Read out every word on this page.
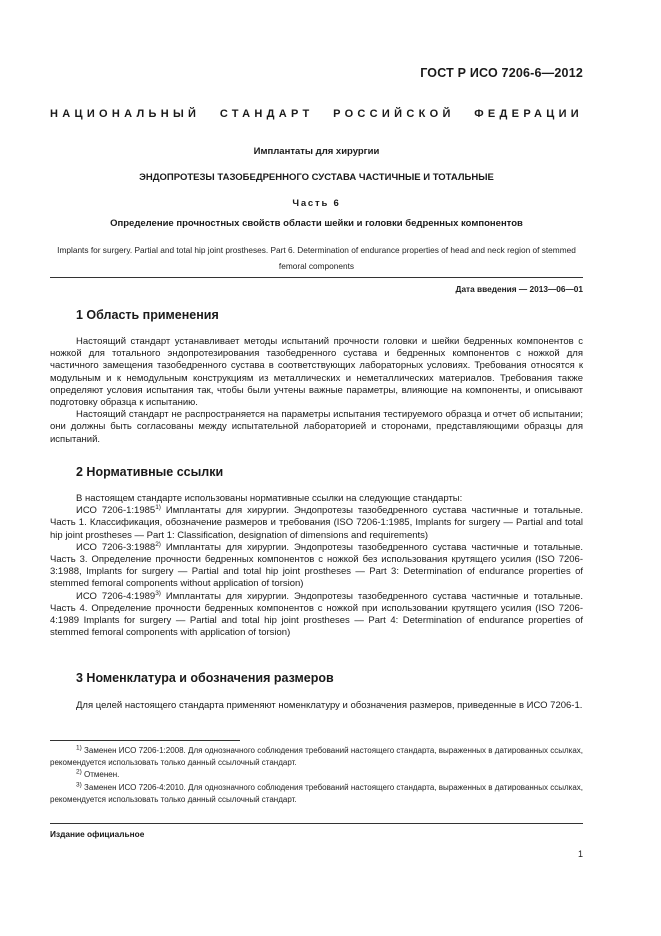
ГОСТ Р ИСО 7206-6—2012
НАЦИОНАЛЬНЫЙ СТАНДАРТ РОССИЙСКОЙ ФЕДЕРАЦИИ
Имплантаты для хирургии
ЭНДОПРОТЕЗЫ ТАЗОБЕДРЕННОГО СУСТАВА ЧАСТИЧНЫЕ И ТОТАЛЬНЫЕ
Часть 6
Определение прочностных свойств области шейки и головки бедренных компонентов
Implants for surgery. Partial and total hip joint prostheses. Part 6. Determination of endurance properties of head and neck region of stemmed femoral components
Дата введения — 2013—06—01
1 Область применения

Настоящий стандарт устанавливает методы испытаний прочности головки и шейки бедренных компонентов с ножкой для тотального эндопротезирования тазобедренного сустава и бедренных компонентов с ножкой для частичного замещения тазобедренного сустава в соответствующих лабораторных условиях. Требования относятся к модульным и к немодульным конструкциям из металлических и неметаллических материалов. Требования также определяют условия испытания так, чтобы были учтены важные параметры, влияющие на компоненты, и описывают подготовку образца к испытанию.

Настоящий стандарт не распространяется на параметры испытания тестируемого образца и отчет об испытании; они должны быть согласованы между испытательной лабораторией и сторонами, представляющими образцы для испытаний.

2 Нормативные ссылки

В настоящем стандарте использованы нормативные ссылки на следующие стандарты:

ИСО 7206-1:1985$^{1)}$ Имплантаты для хирургии. Эндопротезы тазобедренного сустава частичные и тотальные. Часть 1. Классификация, обозначение размеров и требования (ISO 7206-1:1985, Implants for surgery — Partial and total hip joint prostheses — Part 1: Classification, designation of dimensions and requirements)

ИСО 7206-3:1988$^{2)}$ Имплантаты для хирургии. Эндопротезы тазобедренного сустава частичные и тотальные. Часть 3. Определение прочности бедренных компонентов с ножкой без использования крутящего усилия (ISO 7206-3:1988, Implants for surgery — Partial and total hip joint prostheses — Part 3: Determination of endurance properties of stemmed femoral components without application of torsion)

ИСО 7206-4:1989$^{3)}$ Имплантаты для хирургии. Эндопротезы тазобедренного сустава частичные и тотальные. Часть 4. Определение прочности бедренных компонентов с ножкой при использовании крутящего усилия (ISO 7206-4:1989 Implants for surgery — Partial and total hip joint prostheses — Part 4: Determination of endurance properties of stemmed femoral components with application of torsion)

3 Номенклатура и обозначения размеров

Для целей настоящего стандарта применяют номенклатуру и обозначения размеров, приведенные в ИСО 7206-1.

$^{1)}$ Заменен ИСО 7206-1:2008. Для однозначного соблюдения требований настоящего стандарта, выраженных в датированных ссылках, рекомендуется использовать только данный ссылочный стандарт.

$^{2)}$ Отменен.

$^{3)}$ Заменен ИСО 7206-4:2010. Для однозначного соблюдения требований настоящего стандарта, выраженных в датированных ссылках, рекомендуется использовать только данный ссылочный стандарт.

Издание официальное
1
